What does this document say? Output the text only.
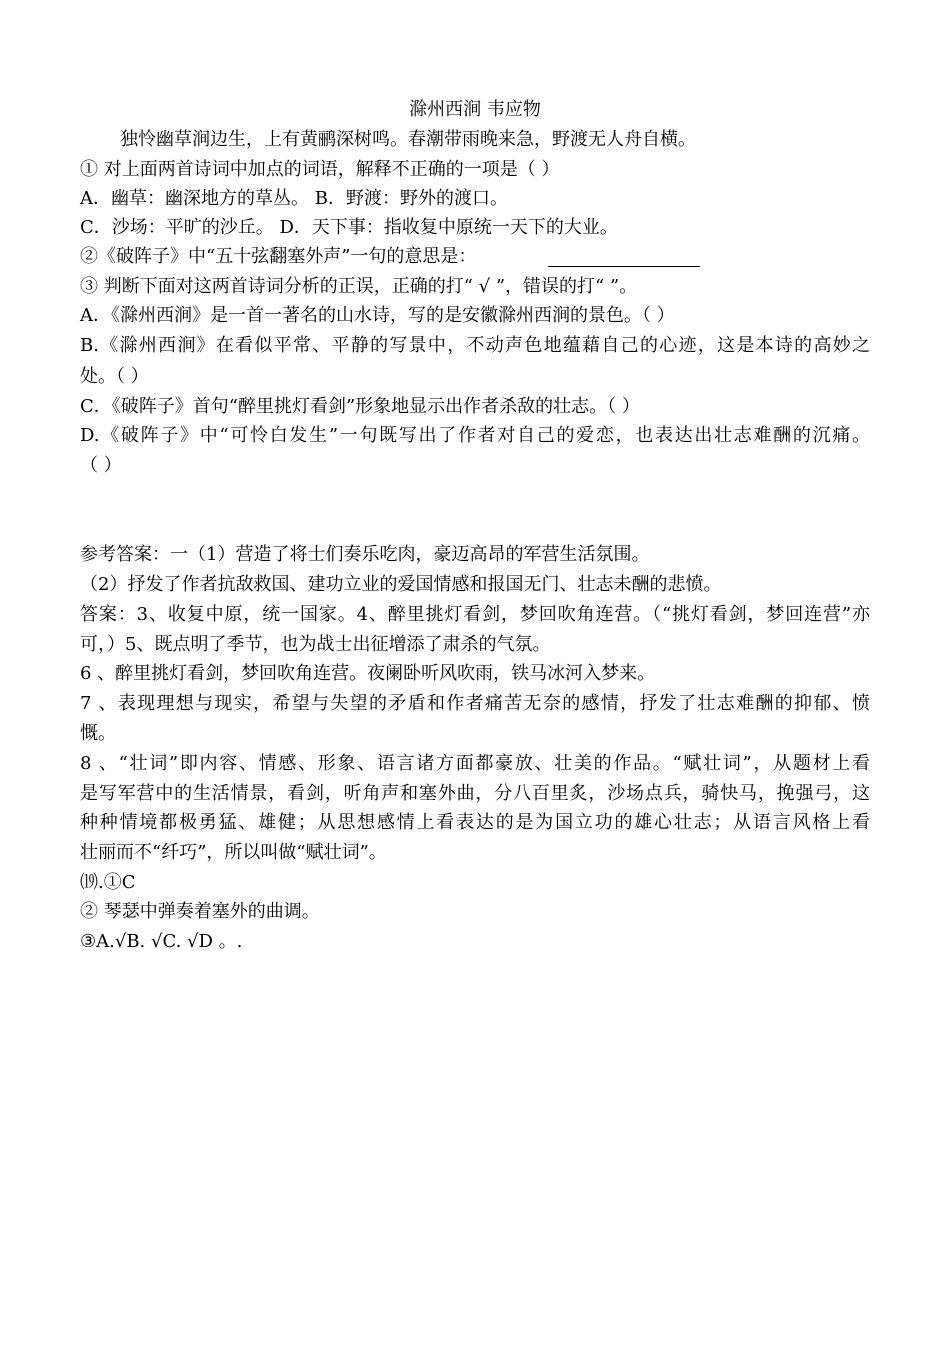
滁州西涧 韦应物
独怜幽草涧边生，上有黄鹂深树鸣。春潮带雨晚来急，野渡无人舟自横。
① 对上面两首诗词中加点的词语，解释不正确的一项是（ ）
A．幽草：幽深地方的草丛。 B．野渡：野外的渡口。
C．沙场：平旷的沙丘。 D．天下事：指收复中原统一天下的大业。
②《破阵子》中“五十弦翻塞外声”一句的意思是：
③ 判断下面对这两首诗词分析的正误，正确的打“ √ ”，错误的打“ ”。
A．《滁州西涧》是一首一著名的山水诗，写的是安徽滁州西涧的景色。（ ）
B.《滁州西涧》在看似平常、平静的写景中，不动声色地蕴藉自己的心迹，这是本诗的高妙之
处。（ ）
C．《破阵子》首句“醉里挑灯看剑”形象地显示出作者杀敌的壮志。（ ）
D.《破阵子》中“可怜白发生”一句既写出了作者对自己的爱恋，也表达出壮志难酬的沉痛。
（ ）
参考答案：一（1）营造了将士们奏乐吃肉，豪迈高昂的军营生活氛围。
（2）抒发了作者抗敌救国、建功立业的爱国情感和报国无门、壮志未酬的悲愤。
答案：3、收复中原，统一国家。4、醉里挑灯看剑，梦回吹角连营。（“挑灯看剑，梦回连营”亦
可，）5、既点明了季节，也为战士出征增添了肃杀的气氛。
6 、醉里挑灯看剑，梦回吹角连营。夜阑卧听风吹雨，铁马冰河入梦来。
7 、表现理想与现实，希望与失望的矛盾和作者痛苦无奈的感情，抒发了壮志难酬的抑郁、愤
慨。
8 、“壮词”即内容、情感、形象、语言诸方面都豪放、壮美的作品。“赋壮词”，从题材上看
是写军营中的生活情景，看剑，听角声和塞外曲，分八百里炙，沙场点兵，骑快马，挽强弓，这
种种情境都极勇猛、雄健；从思想感情上看表达的是为国立功的雄心壮志；从语言风格上看
壮丽而不“纤巧”，所以叫做“赋壮词”。
⒆.①C
② 琴瑟中弹奏着塞外的曲调。
③A.√B. √C. √D 。.
